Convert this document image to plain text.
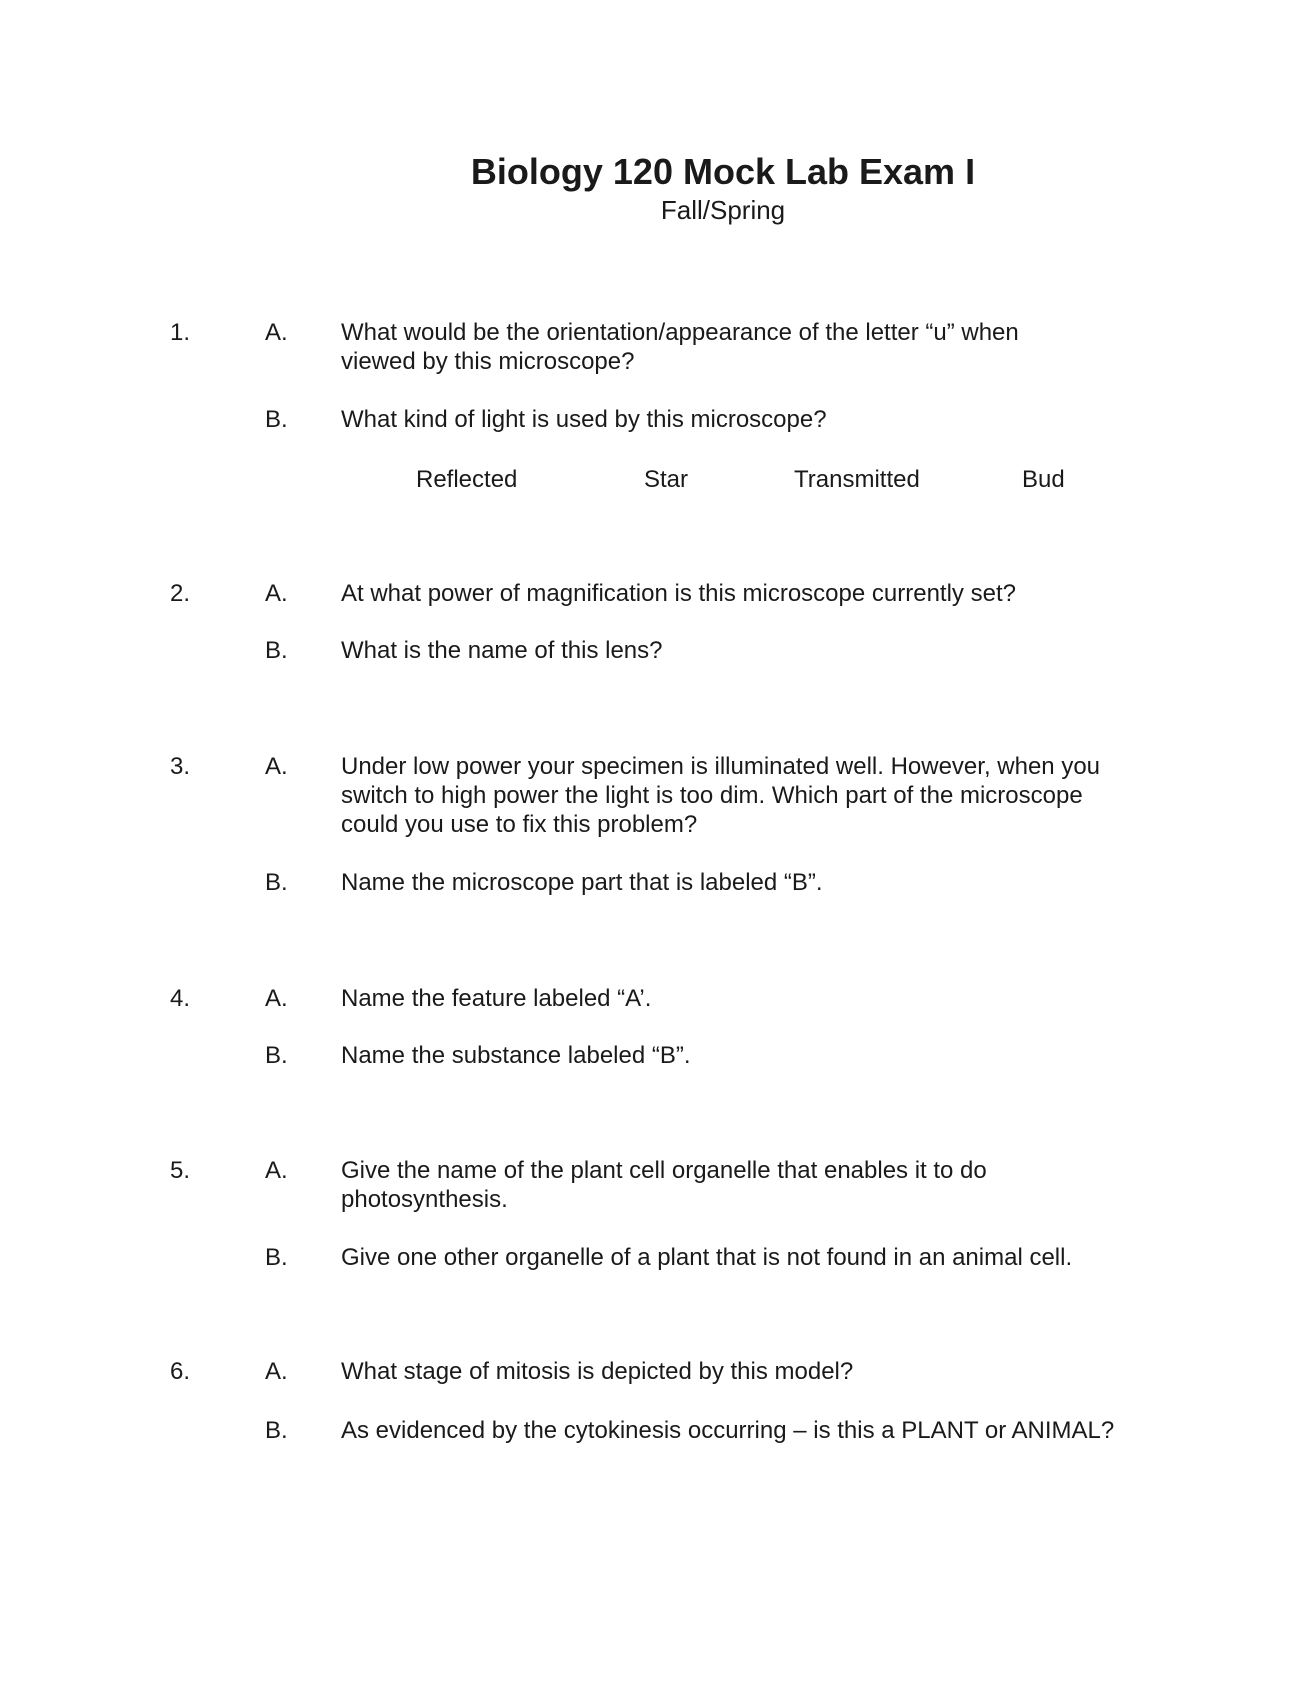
Biology 120 Mock Lab Exam I
Fall/Spring
1.	A. What would be the orientation/appearance of the letter “u” when viewed by this microscope?
B. What kind of light is used by this microscope?
Reflected	Star	Transmitted	Bud
2.	A. At what power of magnification is this microscope currently set?
B. What is the name of this lens?
3.	A. Under low power your specimen is illuminated well. However, when you switch to high power the light is too dim. Which part of the microscope could you use to fix this problem?
B. Name the microscope part that is labeled “B”.
4.	A. Name the feature labeled “A’.
B. Name the substance labeled “B”.
5.	A. Give the name of the plant cell organelle that enables it to do photosynthesis.
B. Give one other organelle of a plant that is not found in an animal cell.
6.	A. What stage of mitosis is depicted by this model?
B. As evidenced by the cytokinesis occurring – is this a PLANT or ANIMAL?
